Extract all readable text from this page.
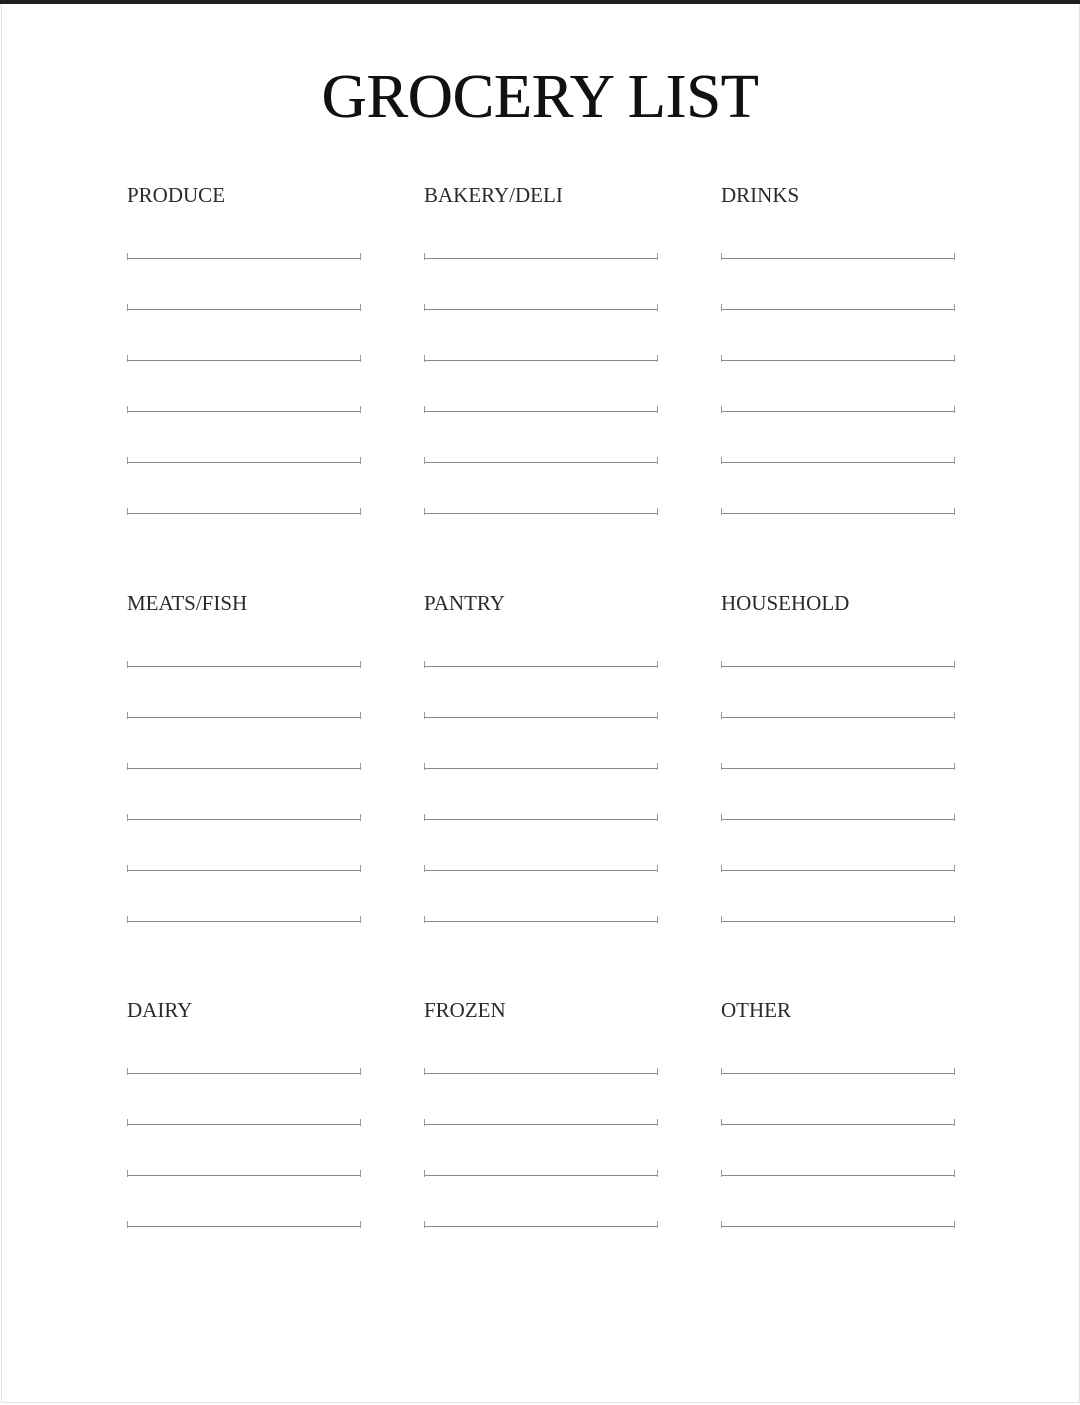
GROCERY LIST
PRODUCE	BAKERY/DELI	DRINKS
MEATS/FISH	PANTRY	HOUSEHOLD
DAIRY	FROZEN	OTHER
